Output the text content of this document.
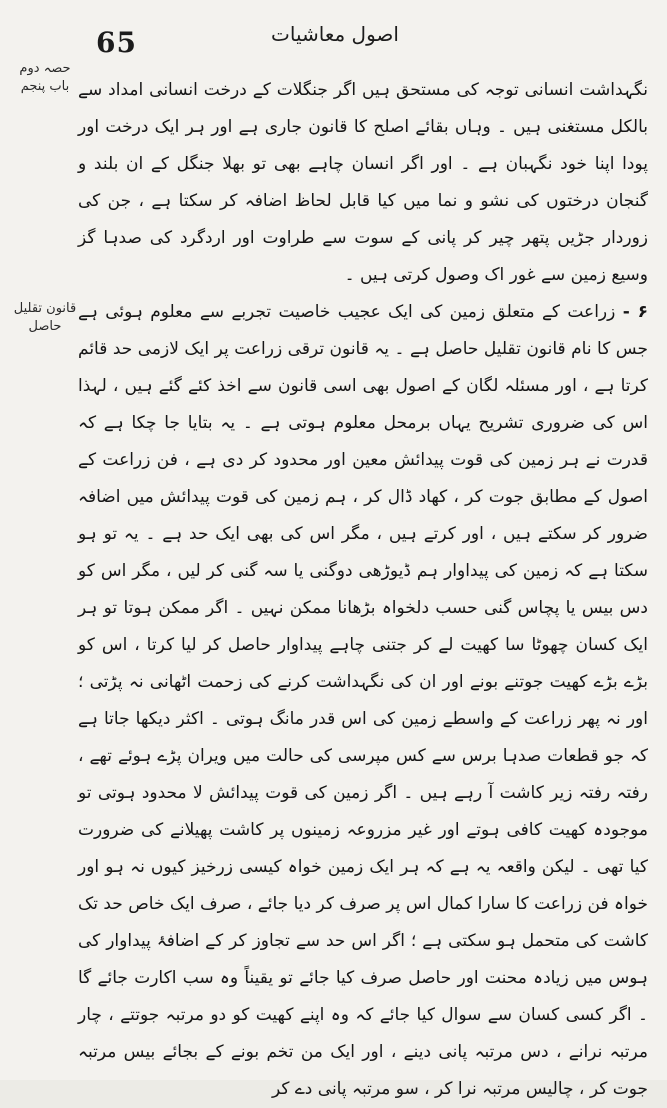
65	اصول معاشیات
حصہ دوم باب پنجم
قانون تقلیل حاصل

نگہداشت انسانی توجہ کی مستحق ہیں اگر جنگلات کے درخت انسانی امداد سے بالکل مستغنی ہیں ۔ وہاں بقائے اصلح کا قانون جاری ہے اور ہر ایک درخت اور پودا اپنا خود نگہبان ہے ۔ اور اگر انسان چاہے بھی تو بھلا جنگل کے ان بلند و گنجان درختوں کی نشو و نما میں کیا قابل لحاظ اضافہ کر سکتا ہے ، جن کی زوردار جڑیں پتھر چیر کر پانی کے سوت سے طراوت اور اردگرد کی صدہا گز وسیع زمین سے غور اک وصول کرتی ہیں ۔

۶ - زراعت کے متعلق زمین کی ایک عجیب خاصیت تجربے سے معلوم ہوئی ہے جس کا نام قانون تقلیل حاصل ہے ۔ یہ قانون ترقی زراعت پر ایک لازمی حد قائم کرتا ہے ، اور مسئلہ لگان کے اصول بھی اسی قانون سے اخذ کئے گئے ہیں ، لہذا اس کی ضروری تشریح یہاں برمحل معلوم ہوتی ہے ۔ یہ بتایا جا چکا ہے کہ قدرت نے ہر زمین کی قوت پیدائش معین اور محدود کر دی ہے ، فن زراعت کے اصول کے مطابق جوت کر ، کھاد ڈال کر ، ہم زمین کی قوت پیدائش میں اضافہ ضرور کر سکتے ہیں ، اور کرتے ہیں ، مگر اس کی بھی ایک حد ہے ۔ یہ تو ہو سکتا ہے کہ زمین کی پیداوار ہم ڈیوڑھی دوگنی یا سہ گنی کر لیں ، مگر اس کو دس بیس یا پچاس گنی حسب دلخواہ بڑھانا ممکن نہیں ۔ اگر ممکن ہوتا تو ہر ایک کسان چھوٹا سا کھیت لے کر جتنی چاہے پیداوار حاصل کر لیا کرتا ، اس کو بڑے بڑے کھیت جوتنے بونے اور ان کی نگہداشت کرنے کی زحمت اٹھانی نہ پڑتی ؛ اور نہ پھر زراعت کے واسطے زمین کی اس قدر مانگ ہوتی ۔ اکثر دیکھا جاتا ہے کہ جو قطعات صدہا برس سے کس مپرسی کی حالت میں ویران پڑے ہوئے تھے ، رفتہ رفتہ زیر کاشت آ رہے ہیں ۔ اگر زمین کی قوت پیدائش لا محدود ہوتی تو موجودہ کھیت کافی ہوتے اور غیر مزروعہ زمینوں پر کاشت پھیلانے کی ضرورت کیا تھی ۔ لیکن واقعہ یہ ہے کہ ہر ایک زمین خواہ کیسی زرخیز کیوں نہ ہو اور خواہ فن زراعت کا سارا کمال اس پر صرف کر دیا جائے ، صرف ایک خاص حد تک کاشت کی متحمل ہو سکتی ہے ؛ اگر اس حد سے تجاوز کر کے اضافۂ پیداوار کی ہوس میں زیادہ محنت اور حاصل صرف کیا جائے تو یقیناً وہ سب اکارت جائے گا ۔ اگر کسی کسان سے سوال کیا جائے کہ وہ اپنے کھیت کو دو مرتبہ جوتتے ، چار مرتبہ نرانے ، دس مرتبہ پانی دینے ، اور ایک من تخم بونے کے بجائے بیس مرتبہ جوت کر ، چالیس مرتبہ نرا کر ، سو مرتبہ پانی دے کر
